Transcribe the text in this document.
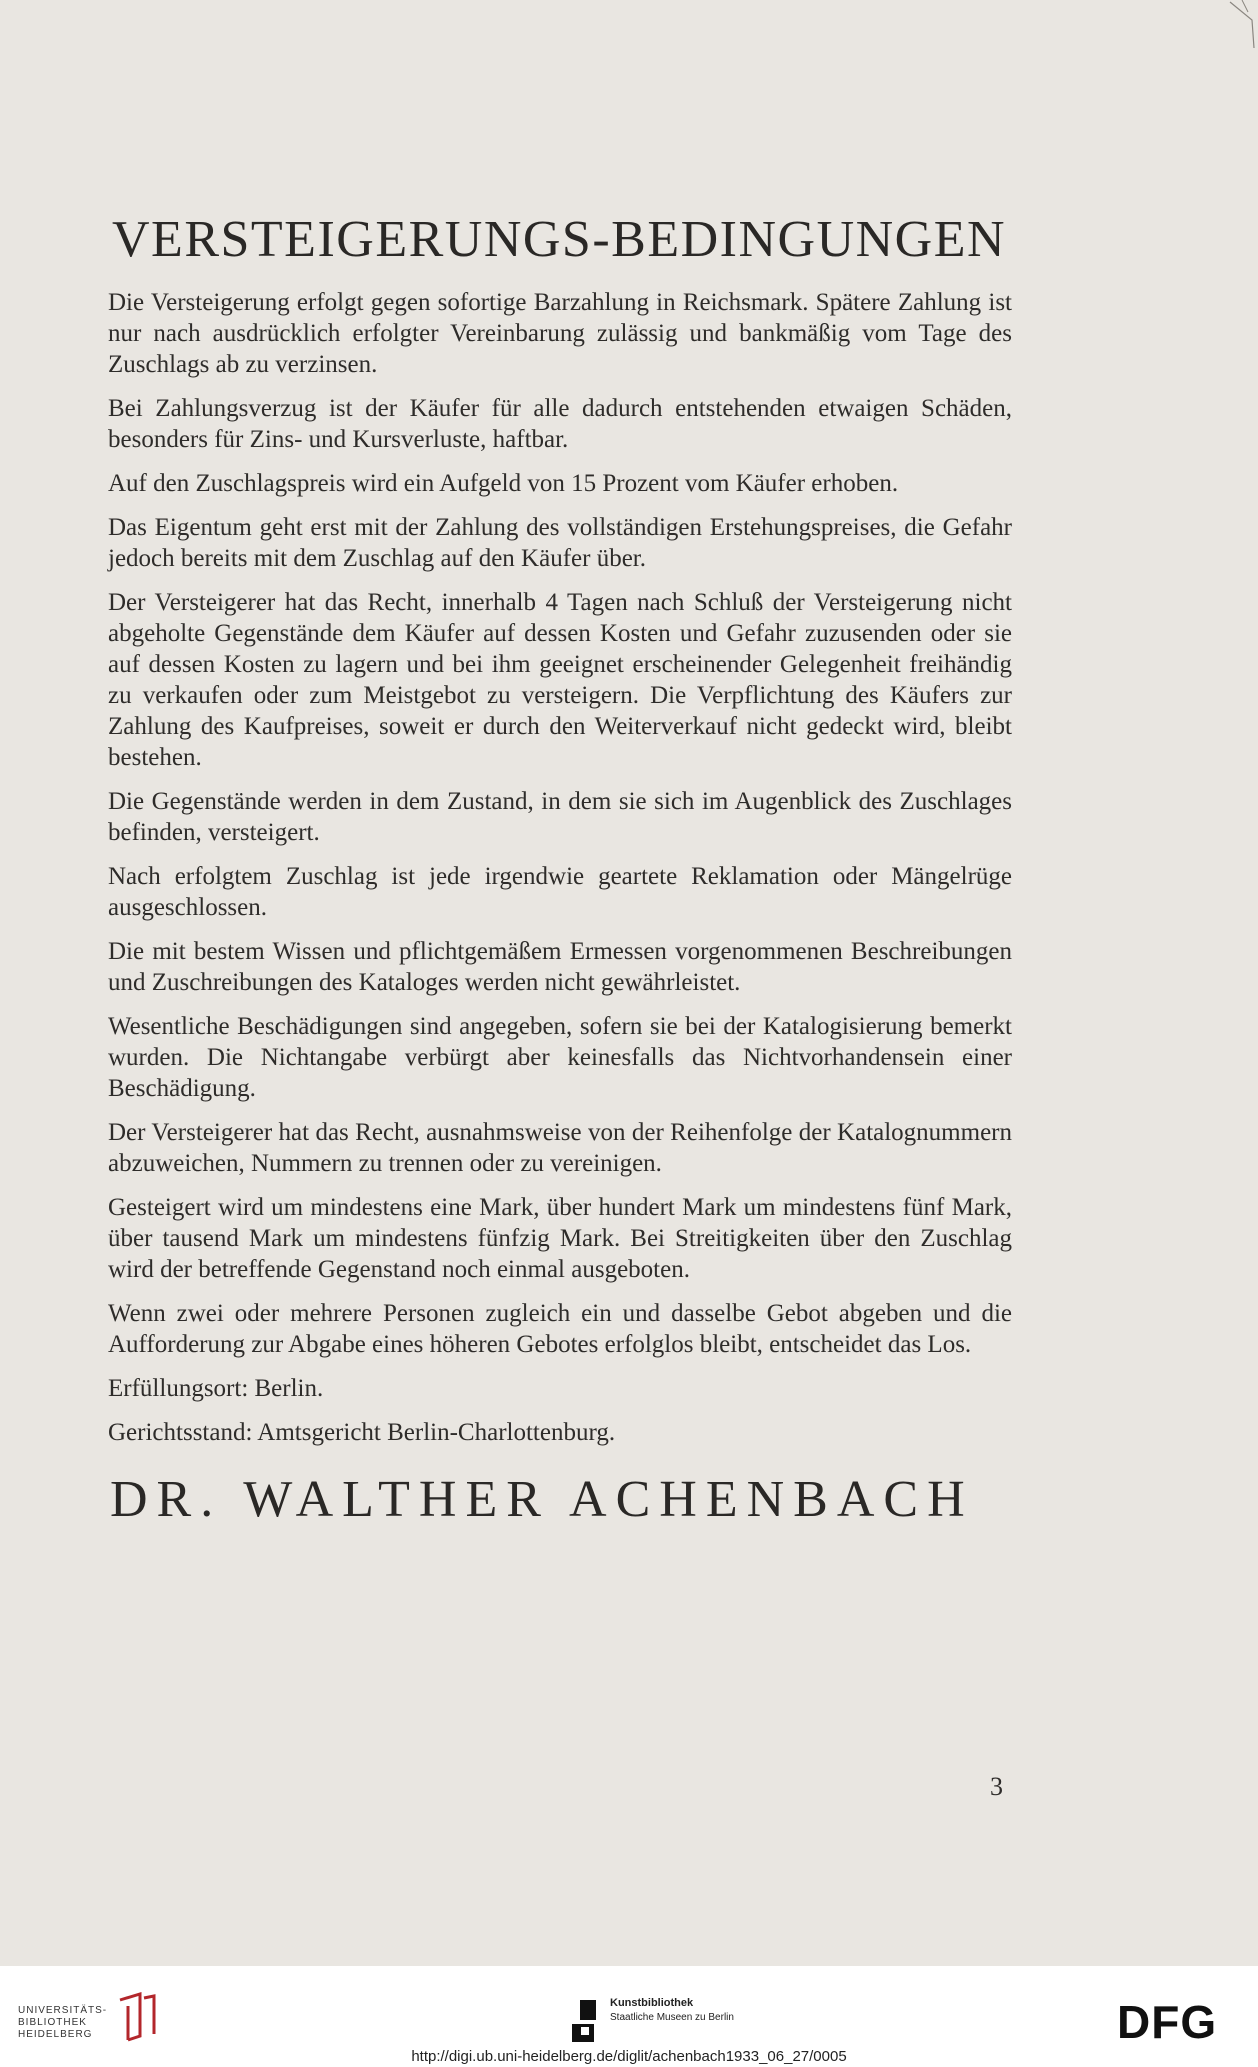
VERSTEIGERUNGS-BEDINGUNGEN

Die Versteigerung erfolgt gegen sofortige Barzahlung in Reichsmark. Spätere Zahlung ist nur nach ausdrücklich erfolgter Vereinbarung zulässig und bankmäßig vom Tage des Zuschlags ab zu verzinsen.

Bei Zahlungsverzug ist der Käufer für alle dadurch entstehenden etwaigen Schäden, besonders für Zins- und Kursverluste, haftbar.

Auf den Zuschlagspreis wird ein Aufgeld von 15 Prozent vom Käufer erhoben.

Das Eigentum geht erst mit der Zahlung des vollständigen Erstehungspreises, die Gefahr jedoch bereits mit dem Zuschlag auf den Käufer über.

Der Versteigerer hat das Recht, innerhalb 4 Tagen nach Schluß der Versteigerung nicht abgeholte Gegenstände dem Käufer auf dessen Kosten und Gefahr zuzusenden oder sie auf dessen Kosten zu lagern und bei ihm geeignet erscheinender Gelegenheit freihändig zu verkaufen oder zum Meistgebot zu versteigern. Die Verpflichtung des Käufers zur Zahlung des Kaufpreises, soweit er durch den Weiterverkauf nicht gedeckt wird, bleibt bestehen.

Die Gegenstände werden in dem Zustand, in dem sie sich im Augenblick des Zuschlages befinden, versteigert.

Nach erfolgtem Zuschlag ist jede irgendwie geartete Reklamation oder Mängelrüge ausgeschlossen.

Die mit bestem Wissen und pflichtgemäßem Ermessen vorgenommenen Beschreibungen und Zuschreibungen des Kataloges werden nicht gewährleistet.

Wesentliche Beschädigungen sind angegeben, sofern sie bei der Katalogisierung bemerkt wurden. Die Nichtangabe verbürgt aber keinesfalls das Nichtvorhandensein einer Beschädigung.

Der Versteigerer hat das Recht, ausnahmsweise von der Reihenfolge der Katalognummern abzuweichen, Nummern zu trennen oder zu vereinigen.

Gesteigert wird um mindestens eine Mark, über hundert Mark um mindestens fünf Mark, über tausend Mark um mindestens fünfzig Mark. Bei Streitigkeiten über den Zuschlag wird der betreffende Gegenstand noch einmal ausgeboten.

Wenn zwei oder mehrere Personen zugleich ein und dasselbe Gebot abgeben und die Aufforderung zur Abgabe eines höheren Gebotes erfolglos bleibt, entscheidet das Los.

Erfüllungsort: Berlin.

Gerichtsstand: Amtsgericht Berlin-Charlottenburg.

DR. WALTHER ACHENBACH
3
UNIVERSITÄTS-
BIBLIOTHEK
HEIDELBERG
Kunstbibliothek
Staatliche Museen zu Berlin	DFG
http://digi.ub.uni-heidelberg.de/diglit/achenbach1933_06_27/0005
